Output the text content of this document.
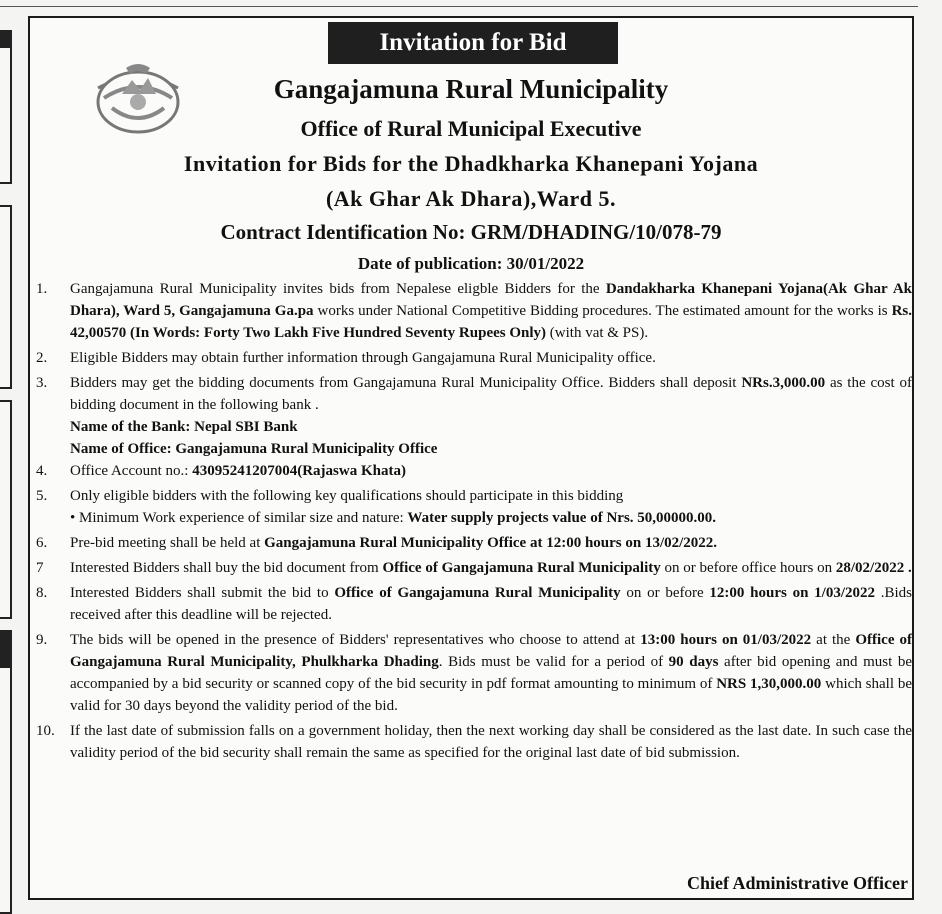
Invitation for Bid
Gangajamuna Rural Municipality
Office of Rural Municipal Executive
Invitation for Bids for the Dhadkharka Khanepani Yojana
(Ak Ghar Ak Dhara),Ward 5.
Contract Identification No: GRM/DHADING/10/078-79
Date of publication: 30/01/2022
1.	Gangajamuna Rural Municipality invites bids from Nepalese eligble Bidders for the Dandakharka Khanepani Yojana(Ak Ghar Ak Dhara), Ward 5, Gangajamuna Ga.pa works under National Competitive Bidding procedures. The estimated amount for the works is Rs. 42,00570 (In Words: Forty Two Lakh Five Hundred Seventy Rupees Only) (with vat & PS).
2.	Eligible Bidders may obtain further information through Gangajamuna Rural Municipality office.
3.	Bidders may get the bidding documents from Gangajamuna Rural Municipality Office. Bidders shall deposit NRs.3,000.00 as the cost of bidding document in the following bank .

Name of the Bank: Nepal SBI Bank

Name of Office: Gangajamuna Rural Municipality Office

4.	Office Account no.: 43095241207004(Rajaswa Khata)
5.	Only eligible bidders with the following key qualifications should participate in this bidding

• Minimum Work experience of similar size and nature: Water supply projects value of Nrs. 50,00000.00.

6.	Pre-bid meeting shall be held at Gangajamuna Rural Municipality Office at 12:00 hours on 13/02/2022.
7	Interested Bidders shall buy the bid document from Office of Gangajamuna Rural Municipality on or before office hours on 28/02/2022 .
8.	Interested Bidders shall submit the bid to Office of Gangajamuna Rural Municipality on or before 12:00 hours on 1/03/2022 .Bids received after this deadline will be rejected.
9.	The bids will be opened in the presence of Bidders' representatives who choose to attend at 13:00 hours on 01/03/2022 at the Office of Gangajamuna Rural Municipality, Phulkharka Dhading. Bids must be valid for a period of 90 days after bid opening and must be accompanied by a bid security or scanned copy of the bid security in pdf format amounting to minimum of NRS 1,30,000.00 which shall be valid for 30 days beyond the validity period of the bid.
10.	If the last date of submission falls on a government holiday, then the next working day shall be considered as the last date. In such case the validity period of the bid security shall remain the same as specified for the original last date of bid submission.
Chief Administrative Officer
